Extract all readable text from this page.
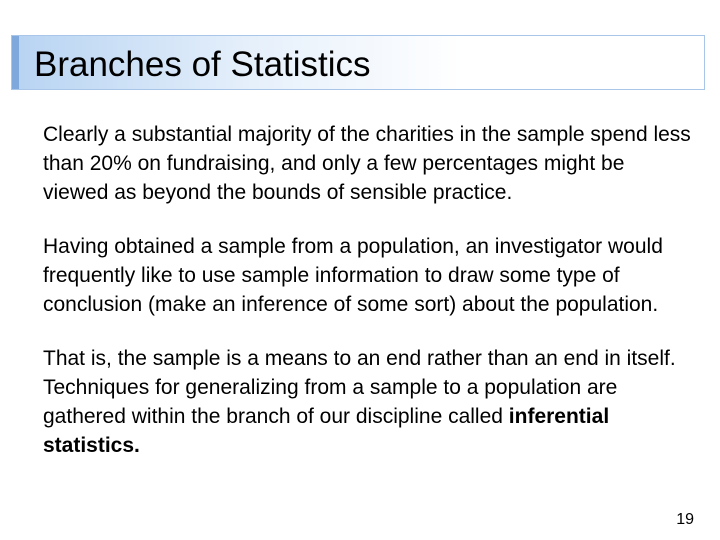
Branches of Statistics

Clearly a substantial majority of the charities in the sample spend less than 20% on fundraising, and only a few percentages might be viewed as beyond the bounds of sensible practice.

Having obtained a sample from a population, an investigator would frequently like to use sample information to draw some type of conclusion (make an inference of some sort) about the population.

That is, the sample is a means to an end rather than an end in itself. Techniques for generalizing from a sample to a population are gathered within the branch of our discipline called inferential statistics.

19
